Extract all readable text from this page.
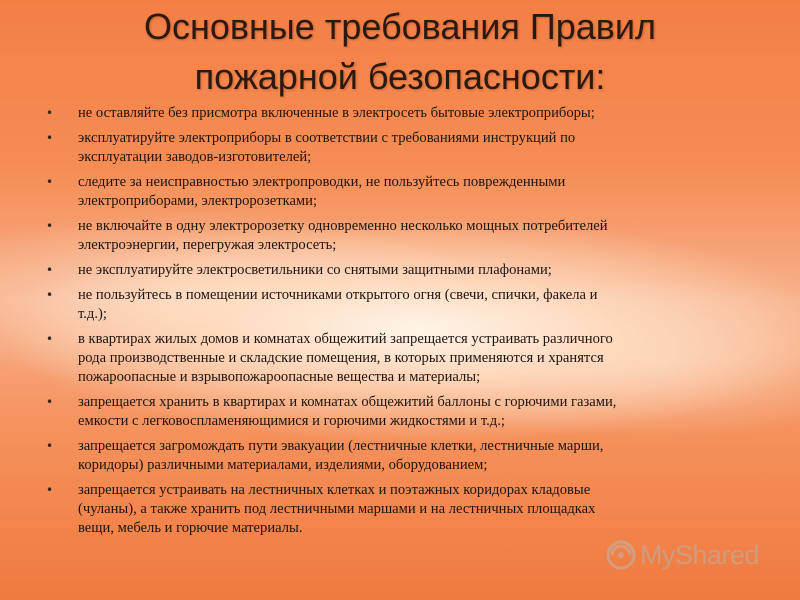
Основные требования Правил
пожарной безопасности:
• не оставляйте без присмотра включенные в электросеть бытовые электроприборы;
• эксплуатируйте электроприборы в соответствии с требованиями инструкций по
эксплуатации заводов-изготовителей;
• следите за неисправностью электропроводки, не пользуйтесь поврежденными
электроприборами, электророзетками;
• не включайте в одну электророзетку одновременно несколько мощных потребителей
электроэнергии, перегружая электросеть;
• не эксплуатируйте электросветильники со снятыми защитными плафонами;
• не пользуйтесь в помещении источниками открытого огня (свечи, спички, факела и
т.д.);
• в квартирах жилых домов и комнатах общежитий запрещается устраивать различного
рода производственные и складские помещения, в которых применяются и хранятся
пожароопасные и взрывопожароопасные вещества и материалы;
• запрещается хранить в квартирах и комнатах общежитий баллоны с горючими газами,
емкости с легковоспламеняющимися и горючими жидкостями и т.д.;
• запрещается загромождать пути эвакуации (лестничные клетки, лестничные марши,
коридоры) различными материалами, изделиями, оборудованием;
• запрещается устраивать на лестничных клетках и поэтажных коридорах кладовые
(чуланы), а также хранить под лестничными маршами и на лестничных площадках
вещи, мебель и горючие материалы.
MyShared
